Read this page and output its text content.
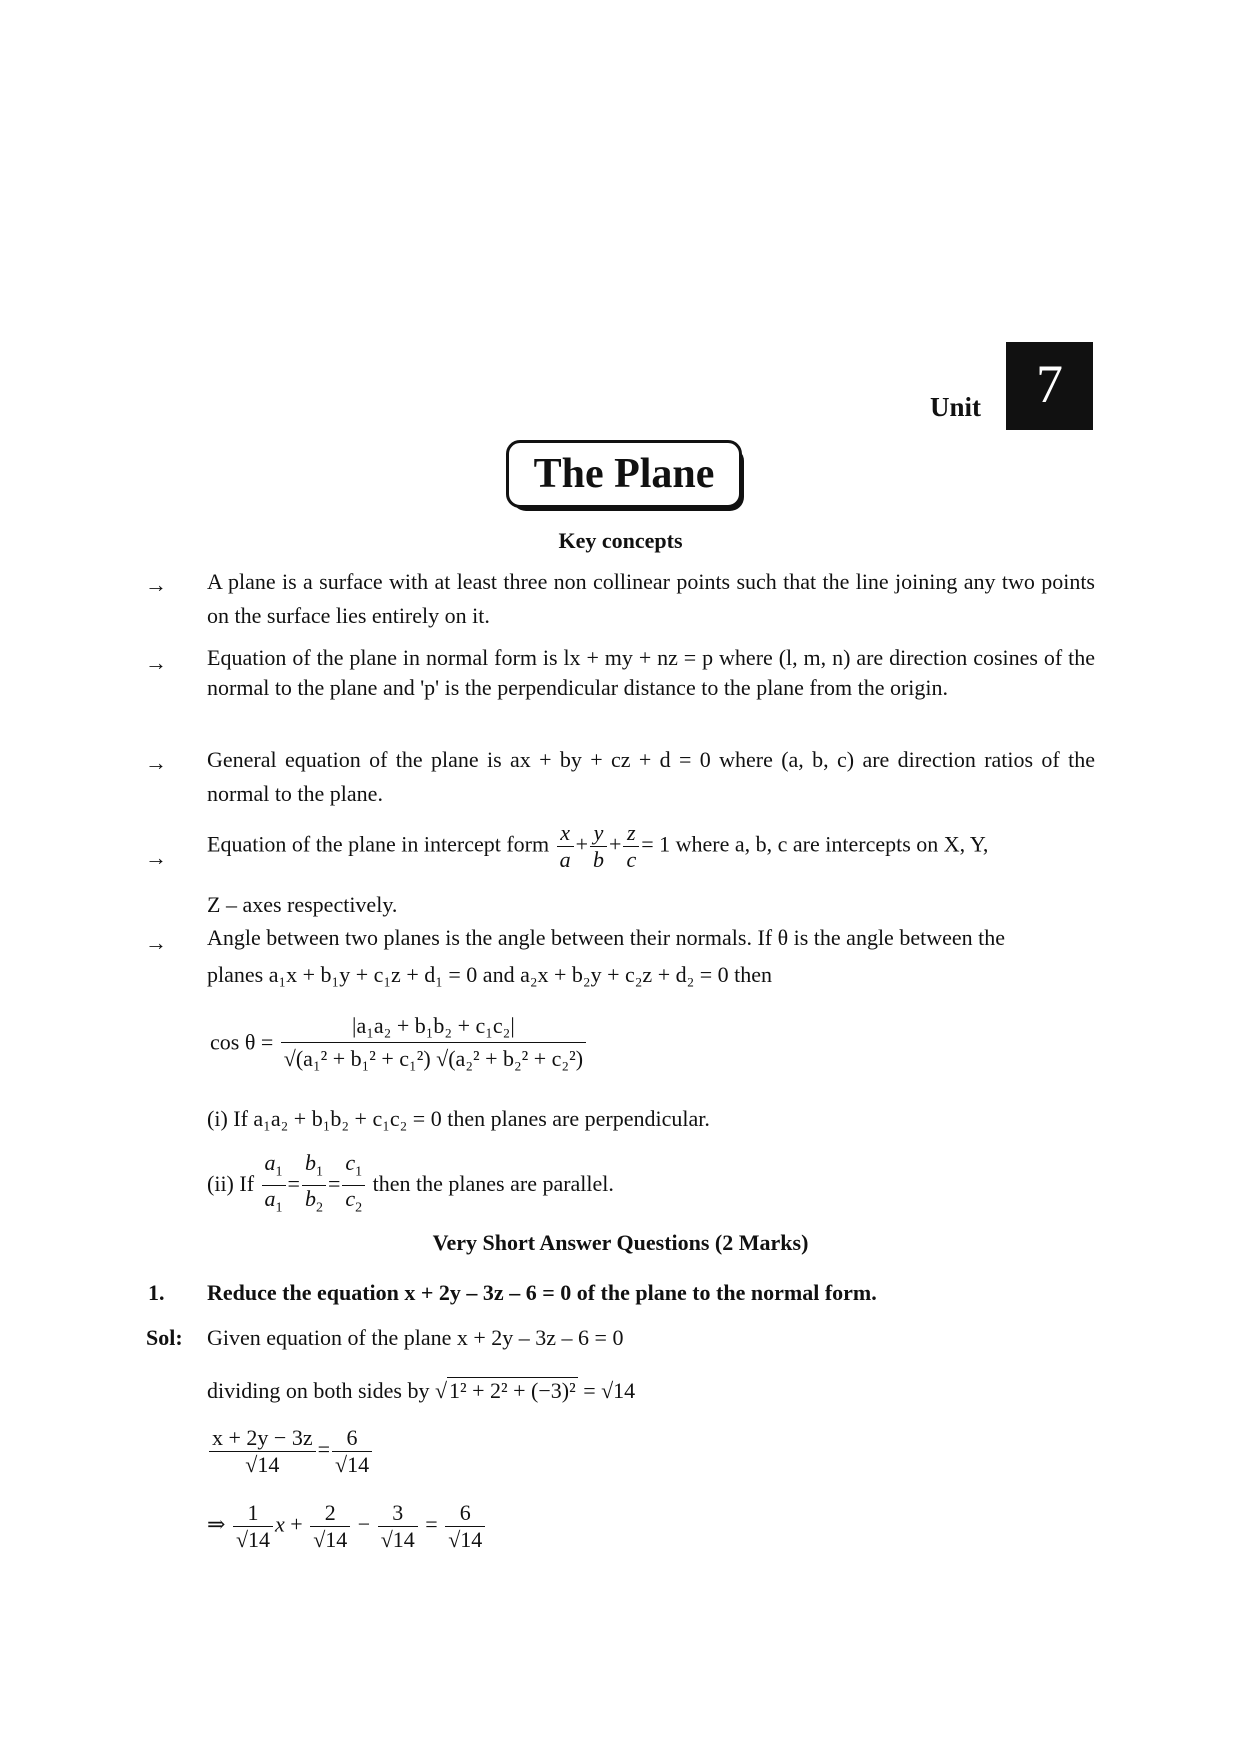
Unit	7
The Plane
Key concepts
→ A plane is a surface with at least three non collinear points such that the line joining any two points on the surface lies entirely on it.
→ Equation of the plane in normal form is lx + my + nz = p where (l, m, n) are direction cosines of the normal to the plane and 'p' is the perpendicular distance to the plane from the origin.
→ General equation of the plane is ax + by + cz + d = 0 where (a, b, c) are direction ratios of the normal to the plane.
→
Equation of the plane in intercept form $\frac{x}{a} + \frac{y}{b} + \frac{z}{c} = 1$ where a, b, c are intercepts on X, Y,
Z – axes respectively.
→ Angle between two planes is the angle between their normals. If θ is the angle between the
planes a₁x + b₁y + c₁z + d₁ = 0 and a₂x + b₂y + c₂z + d₂ = 0 then
$\cos \theta = \frac{\text{|a₁a₂ + b₁b₂ + c₁c₂|}}{\text{√(a₁² + b₁² + c₁²) √(a₂² + b₂² + c₂²)}}$
(i) If a₁a₂ + b₁b₂ + c₁c₂ = 0 then planes are perpendicular.
(ii) If $\frac{a_1}{a_1} = \frac{b_1}{b_2} = \frac{c_1}{c_2}$ then the planes are parallel.
Very Short Answer Questions (2 Marks)
1. Reduce the equation x + 2y – 3z – 6 = 0 of the plane to the normal form.
Sol: Given equation of the plane x + 2y – 3z – 6 = 0
dividing on both sides by √1² + 2² + (−3)² = √14
$\frac{x + 2y - 3z}{√14} = \frac{6}{√14}$
⇒ $\frac{1}{√14}$ $x + \frac{2}{√14} - \frac{3}{√14} = \frac{6}{√14}$
